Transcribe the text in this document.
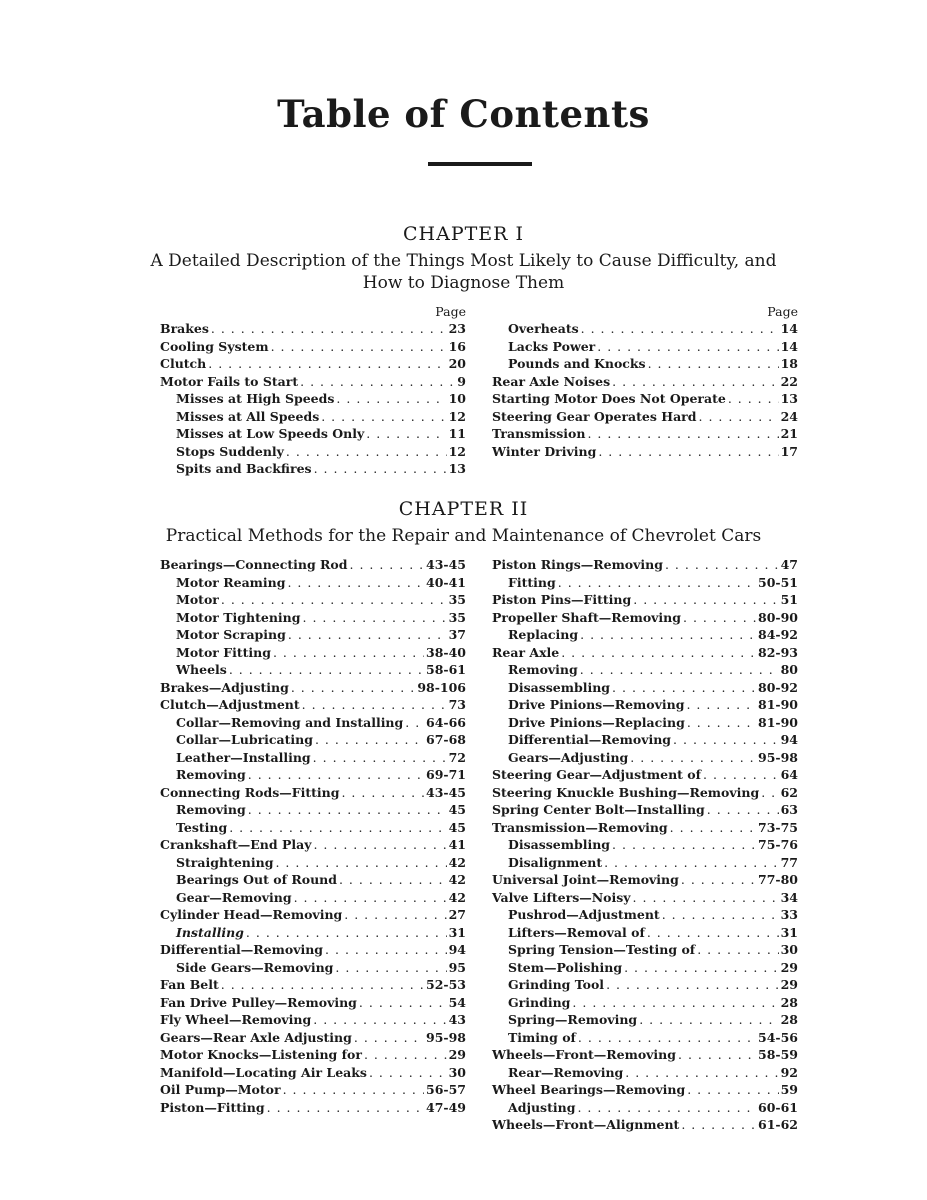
Table of Contents
CHAPTER I
A Detailed Description of the Things Most Likely to Cause Difficulty, and
How to Diagnose Them
Page
Brakes . . .	23
Cooling System . . .	16
Clutch . . .	20
Motor Fails to Start . . .	9
Misses at High Speeds . . .	10
Misses at All Speeds . . .	12
Misses at Low Speeds Only . . .	11
Stops Suddenly . . .	12
Spits and Backfires . . .	13
Page
Overheats . . .	14
Lacks Power . . .	14
Pounds and Knocks . . .	18
Rear Axle Noises . . .	22
Starting Motor Does Not Operate . . .	13
Steering Gear Operates Hard . . .	24
Transmission . . .	21
Winter Driving . . .	17
CHAPTER II
Practical Methods for the Repair and Maintenance of Chevrolet Cars
Bearings—Connecting Rod . . .	43-45
Motor Reaming . . .	40-41
Motor . . .	35
Motor Tightening . . .	35
Motor Scraping . . .	37
Motor Fitting . . .	38-40
Wheels . . .	58-61
Brakes—Adjusting . . .	98-106
Clutch—Adjustment . . .	73
Collar—Removing and Installing . . . 64-66
Collar—Lubricating . . .	67-68
Leather—Installing . . .	72
Removing . . .	69-71
Connecting Rods—Fitting . . .	43-45
Removing . . .	45
Testing . . .	45
Crankshaft—End Play . . .	41
Straightening . . .	42
Bearings Out of Round . . .	42
Gear—Removing . . .	42
Cylinder Head—Removing . . .	27
Installing . . .	31
Differential—Removing . . .	94
Side Gears—Removing . . .	95
Fan Belt . . .	52-53
Fan Drive Pulley—Removing . . .	54
Fly Wheel—Removing . . .	43
Gears—Rear Axle Adjusting . . .	95-98
Motor Knocks—Listening for . . .	29
Manifold—Locating Air Leaks . . .	30
Oil Pump—Motor . . .	56-57
Piston—Fitting . . .	47-49
Piston Rings—Removing . . .	47
Fitting . . .	50-51
Piston Pins—Fitting . . .	51
Propeller Shaft—Removing . . .	80-90
Replacing . . .	84-92
Rear Axle . . .	82-93
Removing . . .	80
Disassembling . . .	80-92
Drive Pinions—Removing . . .	81-90
Drive Pinions—Replacing . . .	81-90
Differential—Removing . . .	94
Gears—Adjusting . . .	95-98
Steering Gear—Adjustment of . . .	64
Steering Knuckle Bushing—Removing . . . 62
Spring Center Bolt—Installing . . .	63
Transmission—Removing . . .	73-75
Disassembling . . .	75-76
Disalignment . . .	77
Universal Joint—Removing . . .	77-80
Valve Lifters—Noisy . . .	34
Pushrod—Adjustment . . .	33
Lifters—Removal of . . .	31
Spring Tension—Testing of . . .	30
Stem—Polishing . . .	29
Grinding Tool . . .	29
Grinding . . .	28
Spring—Removing . . .	28
Timing of . . .	54-56
Wheels—Front—Removing . . .	58-59
Rear—Removing . . .	92
Wheel Bearings—Removing . . .	59
Adjusting . . .	60-61
Wheels—Front—Alignment . . .	61-62
